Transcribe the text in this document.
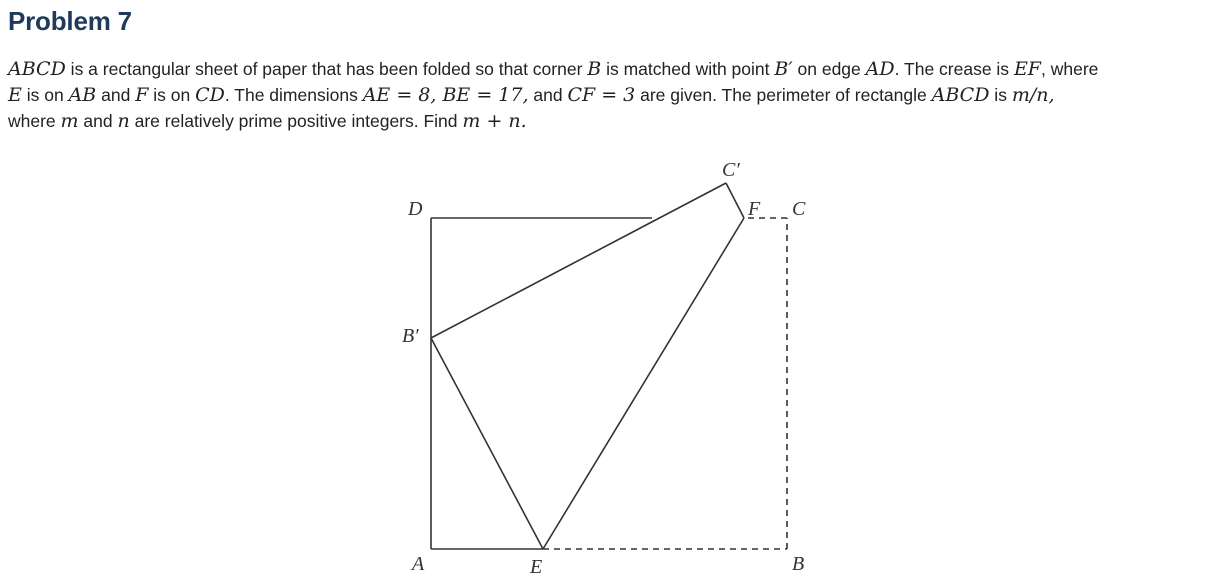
Problem 7
ABCD is a rectangular sheet of paper that has been folded so that corner B is matched with point B′ on edge AD. The crease is EF, where
E is on AB and F is on CD. The dimensions AE = 8, BE = 17, and CF = 3 are given. The perimeter of rectangle ABCD is m/n,
where m and n are relatively prime positive integers. Find m + n.
D
B′
A	E	B
C′
F C
